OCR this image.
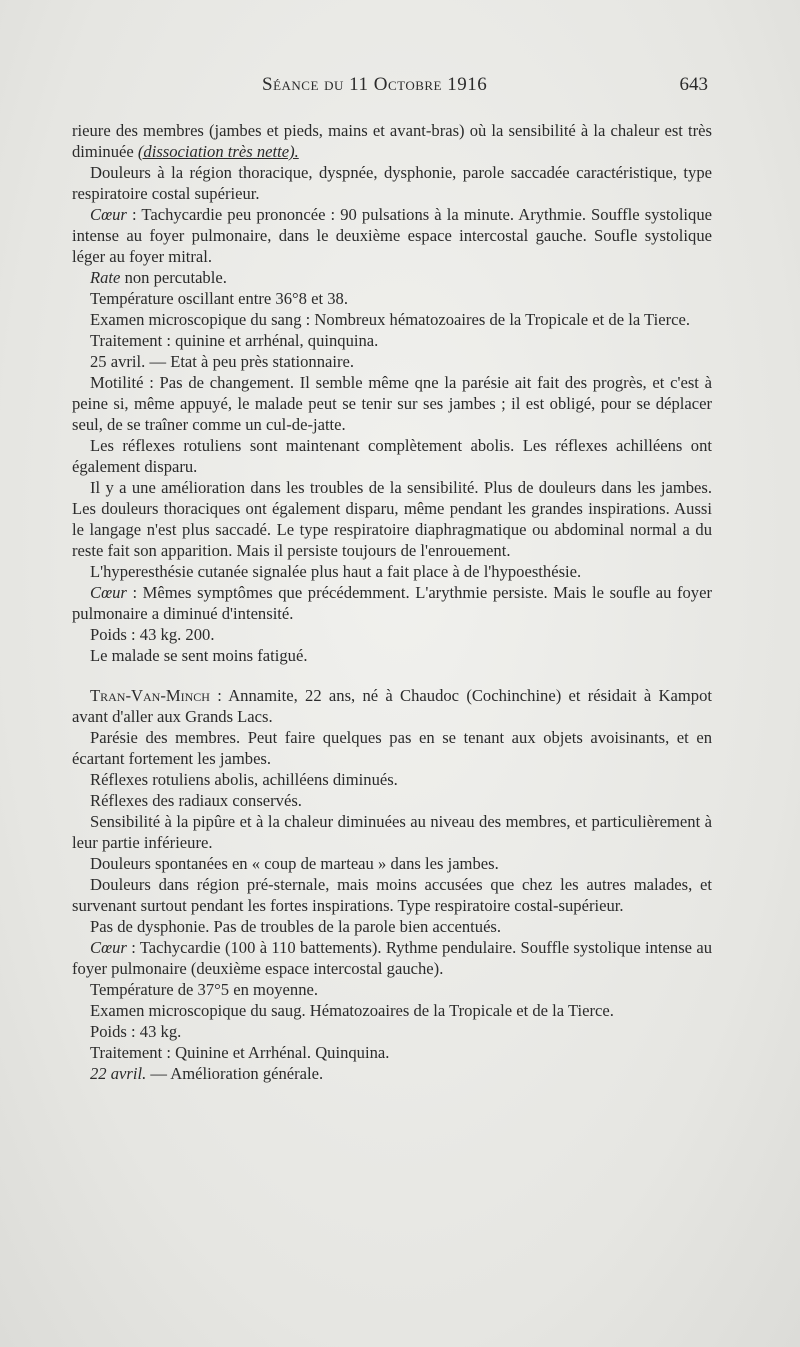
Séance du 11 Octobre 1916	643

rieure des membres (jambes et pieds, mains et avant-bras) où la sensibilité à la chaleur est très diminuée (dissociation très nette).

Douleurs à la région thoracique, dyspnée, dysphonie, parole saccadée caractéristique, type respiratoire costal supérieur.

Cœur : Tachycardie peu prononcée : 90 pulsations à la minute. Arythmie. Souffle systolique intense au foyer pulmonaire, dans le deuxième espace intercostal gauche. Soufle systolique léger au foyer mitral.

Rate non percutable.

Température oscillant entre 36°8 et 38.

Examen microscopique du sang : Nombreux hématozoaires de la Tropicale et de la Tierce.

Traitement : quinine et arrhénal, quinquina.

25 avril. — Etat à peu près stationnaire.

Motilité : Pas de changement. Il semble même qne la parésie ait fait des progrès, et c'est à peine si, même appuyé, le malade peut se tenir sur ses jambes ; il est obligé, pour se déplacer seul, de se traîner comme un cul-de-jatte.

Les réflexes rotuliens sont maintenant complètement abolis. Les réflexes achilléens ont également disparu.

Il y a une amélioration dans les troubles de la sensibilité. Plus de douleurs dans les jambes. Les douleurs thoraciques ont également disparu, même pendant les grandes inspirations. Aussi le langage n'est plus saccadé. Le type respiratoire diaphragmatique ou abdominal normal a du reste fait son apparition. Mais il persiste toujours de l'enrouement.

L'hyperesthésie cutanée signalée plus haut a fait place à de l'hypoesthésie.

Cœur : Mêmes symptômes que précédemment. L'arythmie persiste. Mais le soufle au foyer pulmonaire a diminué d'intensité.

Poids : 43 kg. 200.

Le malade se sent moins fatigué.

Tran-Van-Minch : Annamite, 22 ans, né à Chaudoc (Cochinchine) et résidait à Kampot avant d'aller aux Grands Lacs.

Parésie des membres. Peut faire quelques pas en se tenant aux objets avoisinants, et en écartant fortement les jambes.

Réflexes rotuliens abolis, achilléens diminués.

Réflexes des radiaux conservés.

Sensibilité à la pipûre et à la chaleur diminuées au niveau des membres, et particulièrement à leur partie inférieure.

Douleurs spontanées en « coup de marteau » dans les jambes.

Douleurs dans région pré-sternale, mais moins accusées que chez les autres malades, et survenant surtout pendant les fortes inspirations. Type respiratoire costal-supérieur.

Pas de dysphonie. Pas de troubles de la parole bien accentués.

Cœur : Tachycardie (100 à 110 battements). Rythme pendulaire. Souffle systolique intense au foyer pulmonaire (deuxième espace intercostal gauche).

Température de 37°5 en moyenne.

Examen microscopique du saug. Hématozoaires de la Tropicale et de la Tierce.

Poids : 43 kg.

Traitement : Quinine et Arrhénal. Quinquina.

22 avril. — Amélioration générale.
